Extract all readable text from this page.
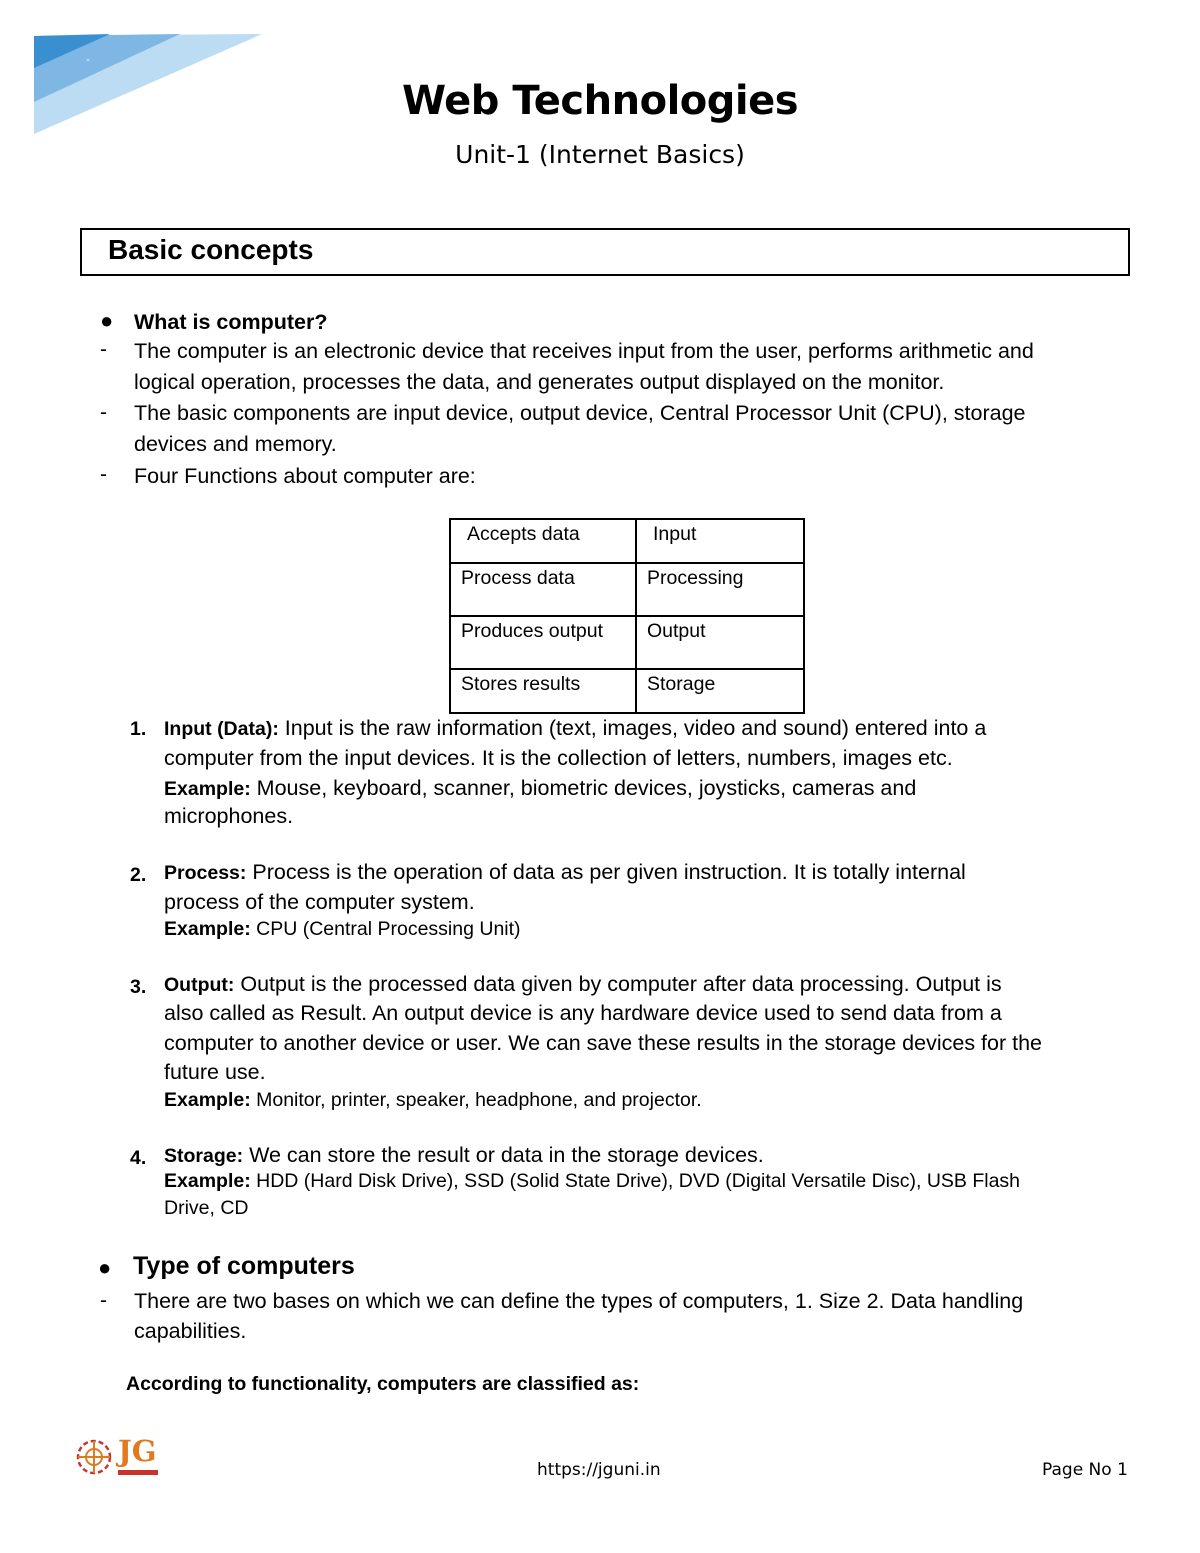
-
Web Technologies
Unit-1 (Internet Basics)
Basic concepts
● What is computer?
- The computer is an electronic device that receives input from the user, performs arithmetic and
logical operation, processes the data, and generates output displayed on the monitor.
- The basic components are input device, output device, Central Processor Unit (CPU), storage
devices and memory.
- Four Functions about computer are:
Accepts data	Input
Process data	Processing
Produces output	Output
Stores results	Storage
1. Input (Data): Input is the raw information (text, images, video and sound) entered into a
computer from the input devices. It is the collection of letters, numbers, images etc.
Example: Mouse, keyboard, scanner, biometric devices, joysticks, cameras and
microphones.
2. Process: Process is the operation of data as per given instruction. It is totally internal
process of the computer system.
Example: CPU (Central Processing Unit)
3. Output: Output is the processed data given by computer after data processing. Output is
also called as Result. An output device is any hardware device used to send data from a
computer to another device or user. We can save these results in the storage devices for the
future use.
Example: Monitor, printer, speaker, headphone, and projector.
4. Storage: We can store the result or data in the storage devices.
Example: HDD (Hard Disk Drive), SSD (Solid State Drive), DVD (Digital Versatile Disc), USB Flash
Drive, CD
● Type of computers
- There are two bases on which we can define the types of computers, 1. Size 2. Data handling
capabilities.
According to functionality, computers are classified as:
JG
https://jguni.in	Page No 1
